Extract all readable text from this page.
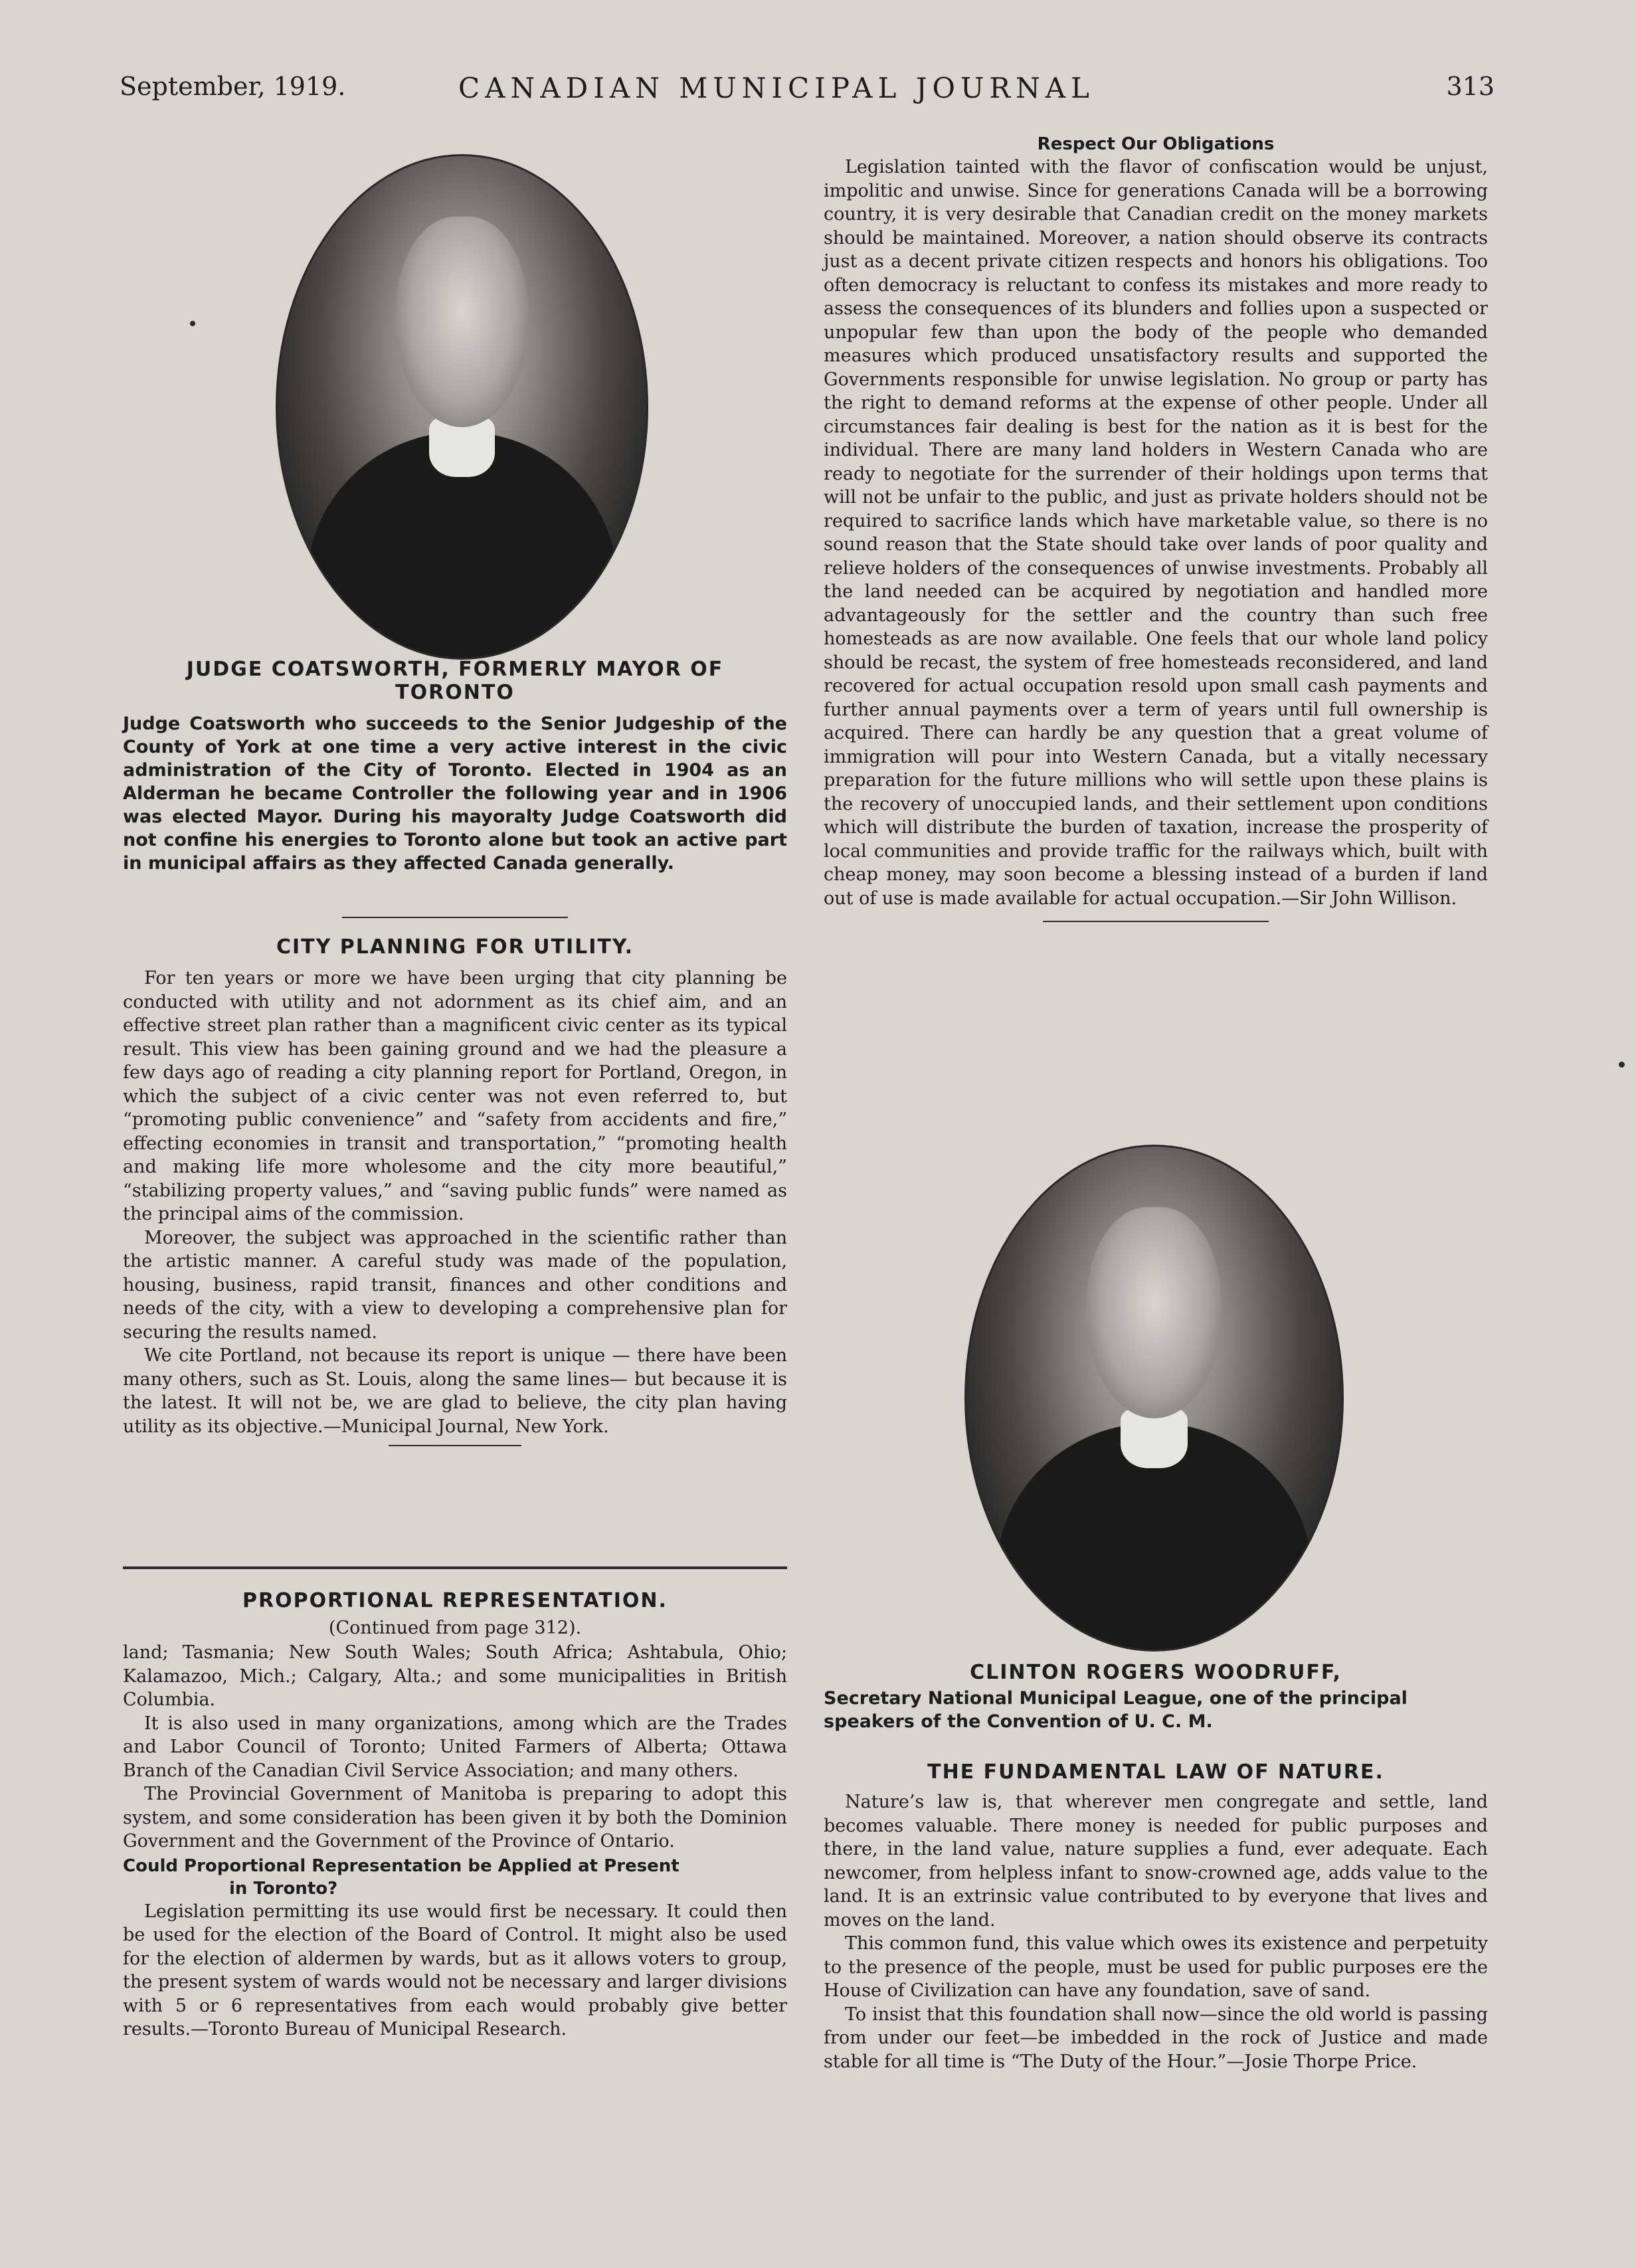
September, 1919.	CANADIAN MUNICIPAL JOURNAL	313

JUDGE COATSWORTH, FORMERLY MAYOR OF

TORONTO

Judge Coatsworth who succeeds to the Senior Judgeship of the County of York at one time a very active interest in the civic administration of the City of Toronto. Elected in 1904 as an Alderman he became Controller the following year and in 1906 was elected Mayor. During his mayoralty Judge Coatsworth did not confine his energies to Toronto alone but took an active part in municipal affairs as they affected Canada generally.

CITY PLANNING FOR UTILITY.

For ten years or more we have been urging that city planning be conducted with utility and not adornment as its chief aim, and an effective street plan rather than a magnificent civic center as its typical result. This view has been gaining ground and we had the pleasure a few days ago of reading a city planning report for Portland, Oregon, in which the subject of a civic center was not even referred to, but “promoting public convenience” and “safety from accidents and fire,” effecting economies in transit and transportation,” “promoting health and making life more wholesome and the city more beautiful,” “stabilizing property values,” and “saving public funds” were named as the principal aims of the commission.

Moreover, the subject was approached in the scientific rather than the artistic manner. A careful study was made of the population, housing, business, rapid transit, finances and other conditions and needs of the city, with a view to developing a comprehensive plan for securing the results named.

We cite Portland, not because its report is unique — there have been many others, such as St. Louis, along the same lines— but because it is the latest. It will not be, we are glad to believe, the city plan having utility as its objective.—Municipal Journal, New York.

PROPORTIONAL REPRESENTATION.

(Continued from page 312).

land; Tasmania; New South Wales; South Africa; Ashtabula, Ohio; Kalamazoo, Mich.; Calgary, Alta.; and some municipalities in British Columbia.

It is also used in many organizations, among which are the Trades and Labor Council of Toronto; United Farmers of Alberta; Ottawa Branch of the Canadian Civil Service Association; and many others.

The Provincial Government of Manitoba is preparing to adopt this system, and some consideration has been given it by both the Dominion Government and the Government of the Province of Ontario.

Could Proportional Representation be Applied at Present

in Toronto?

Legislation permitting its use would first be necessary. It could then be used for the election of the Board of Control. It might also be used for the election of aldermen by wards, but as it allows voters to group, the present system of wards would not be necessary and larger divisions with 5 or 6 representatives from each would probably give better results.—Toronto Bureau of Municipal Research.

Respect Our Obligations

Legislation tainted with the flavor of confiscation would be unjust, impolitic and unwise. Since for generations Canada will be a borrowing country, it is very desirable that Canadian credit on the money markets should be maintained. Moreover, a nation should observe its contracts just as a decent private citizen respects and honors his obligations. Too often democracy is reluctant to confess its mistakes and more ready to assess the consequences of its blunders and follies upon a suspected or unpopular few than upon the body of the people who demanded measures which produced unsatisfactory results and supported the Governments responsible for unwise legislation. No group or party has the right to demand reforms at the expense of other people. Under all circumstances fair dealing is best for the nation as it is best for the individual. There are many land holders in Western Canada who are ready to negotiate for the surrender of their holdings upon terms that will not be unfair to the public, and just as private holders should not be required to sacrifice lands which have marketable value, so there is no sound reason that the State should take over lands of poor quality and relieve holders of the consequences of unwise investments. Probably all the land needed can be acquired by negotiation and handled more advantageously for the settler and the country than such free homesteads as are now available. One feels that our whole land policy should be recast, the system of free homesteads reconsidered, and land recovered for actual occupation resold upon small cash payments and further annual payments over a term of years until full ownership is acquired. There can hardly be any question that a great volume of immigration will pour into Western Canada, but a vitally necessary preparation for the future millions who will settle upon these plains is the recovery of unoccupied lands, and their settlement upon conditions which will distribute the burden of taxation, increase the prosperity of local communities and provide traffic for the railways which, built with cheap money, may soon become a blessing instead of a burden if land out of use is made available for actual occupation.—Sir John Willison.

CLINTON ROGERS WOODRUFF,

Secretary National Municipal League, one of the principal speakers of the Convention of U. C. M.

THE FUNDAMENTAL LAW OF NATURE.

Nature’s law is, that wherever men congregate and settle, land becomes valuable. There money is needed for public purposes and there, in the land value, nature supplies a fund, ever adequate. Each newcomer, from helpless infant to snow-crowned age, adds value to the land. It is an extrinsic value contributed to by everyone that lives and moves on the land.

This common fund, this value which owes its existence and perpetuity to the presence of the people, must be used for public purposes ere the House of Civilization can have any foundation, save of sand.

To insist that this foundation shall now—since the old world is passing from under our feet—be imbedded in the rock of Justice and made stable for all time is “The Duty of the Hour.”—Josie Thorpe Price.
